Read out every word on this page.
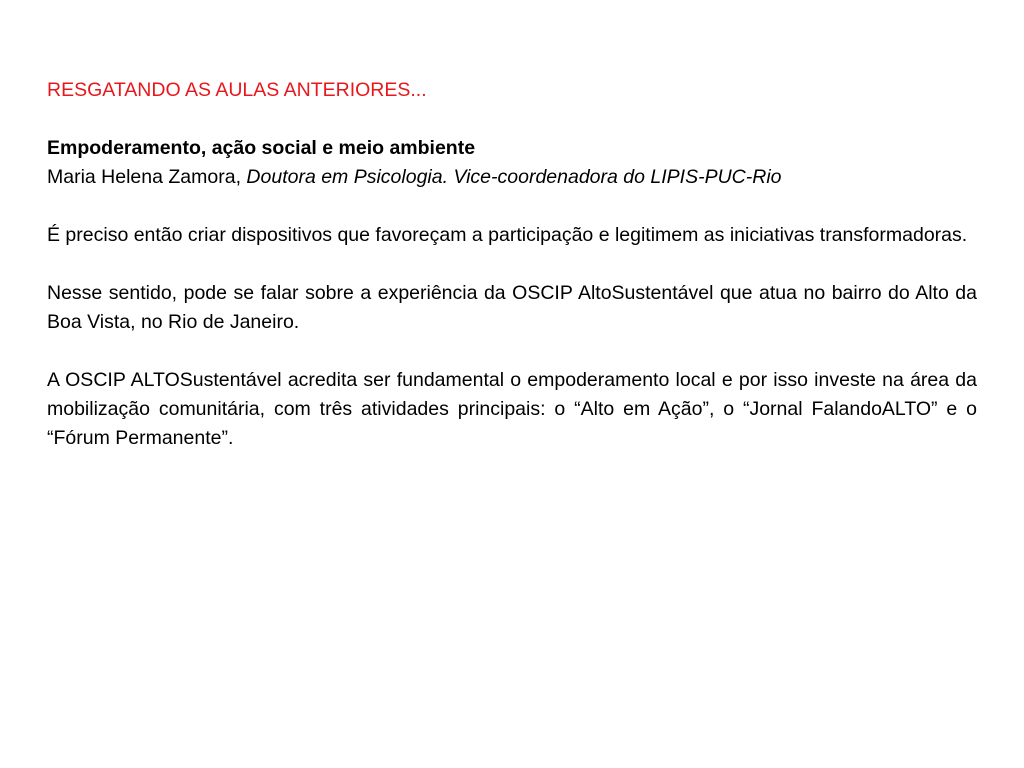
RESGATANDO AS AULAS ANTERIORES...

Empoderamento, ação social e meio ambiente

Maria Helena Zamora, Doutora em Psicologia. Vice-coordenadora do LIPIS-PUC-Rio

É preciso então criar dispositivos que favoreçam a participação e legitimem as iniciativas transformadoras.

Nesse sentido, pode se falar sobre a experiência da OSCIP AltoSustentável que atua no bairro do Alto da Boa Vista, no Rio de Janeiro.

A OSCIP ALTOSustentável acredita ser fundamental o empoderamento local e por isso investe na área da mobilização comunitária, com três atividades principais: o “Alto em Ação”, o “Jornal FalandoALTO” e o “Fórum Permanente”.
